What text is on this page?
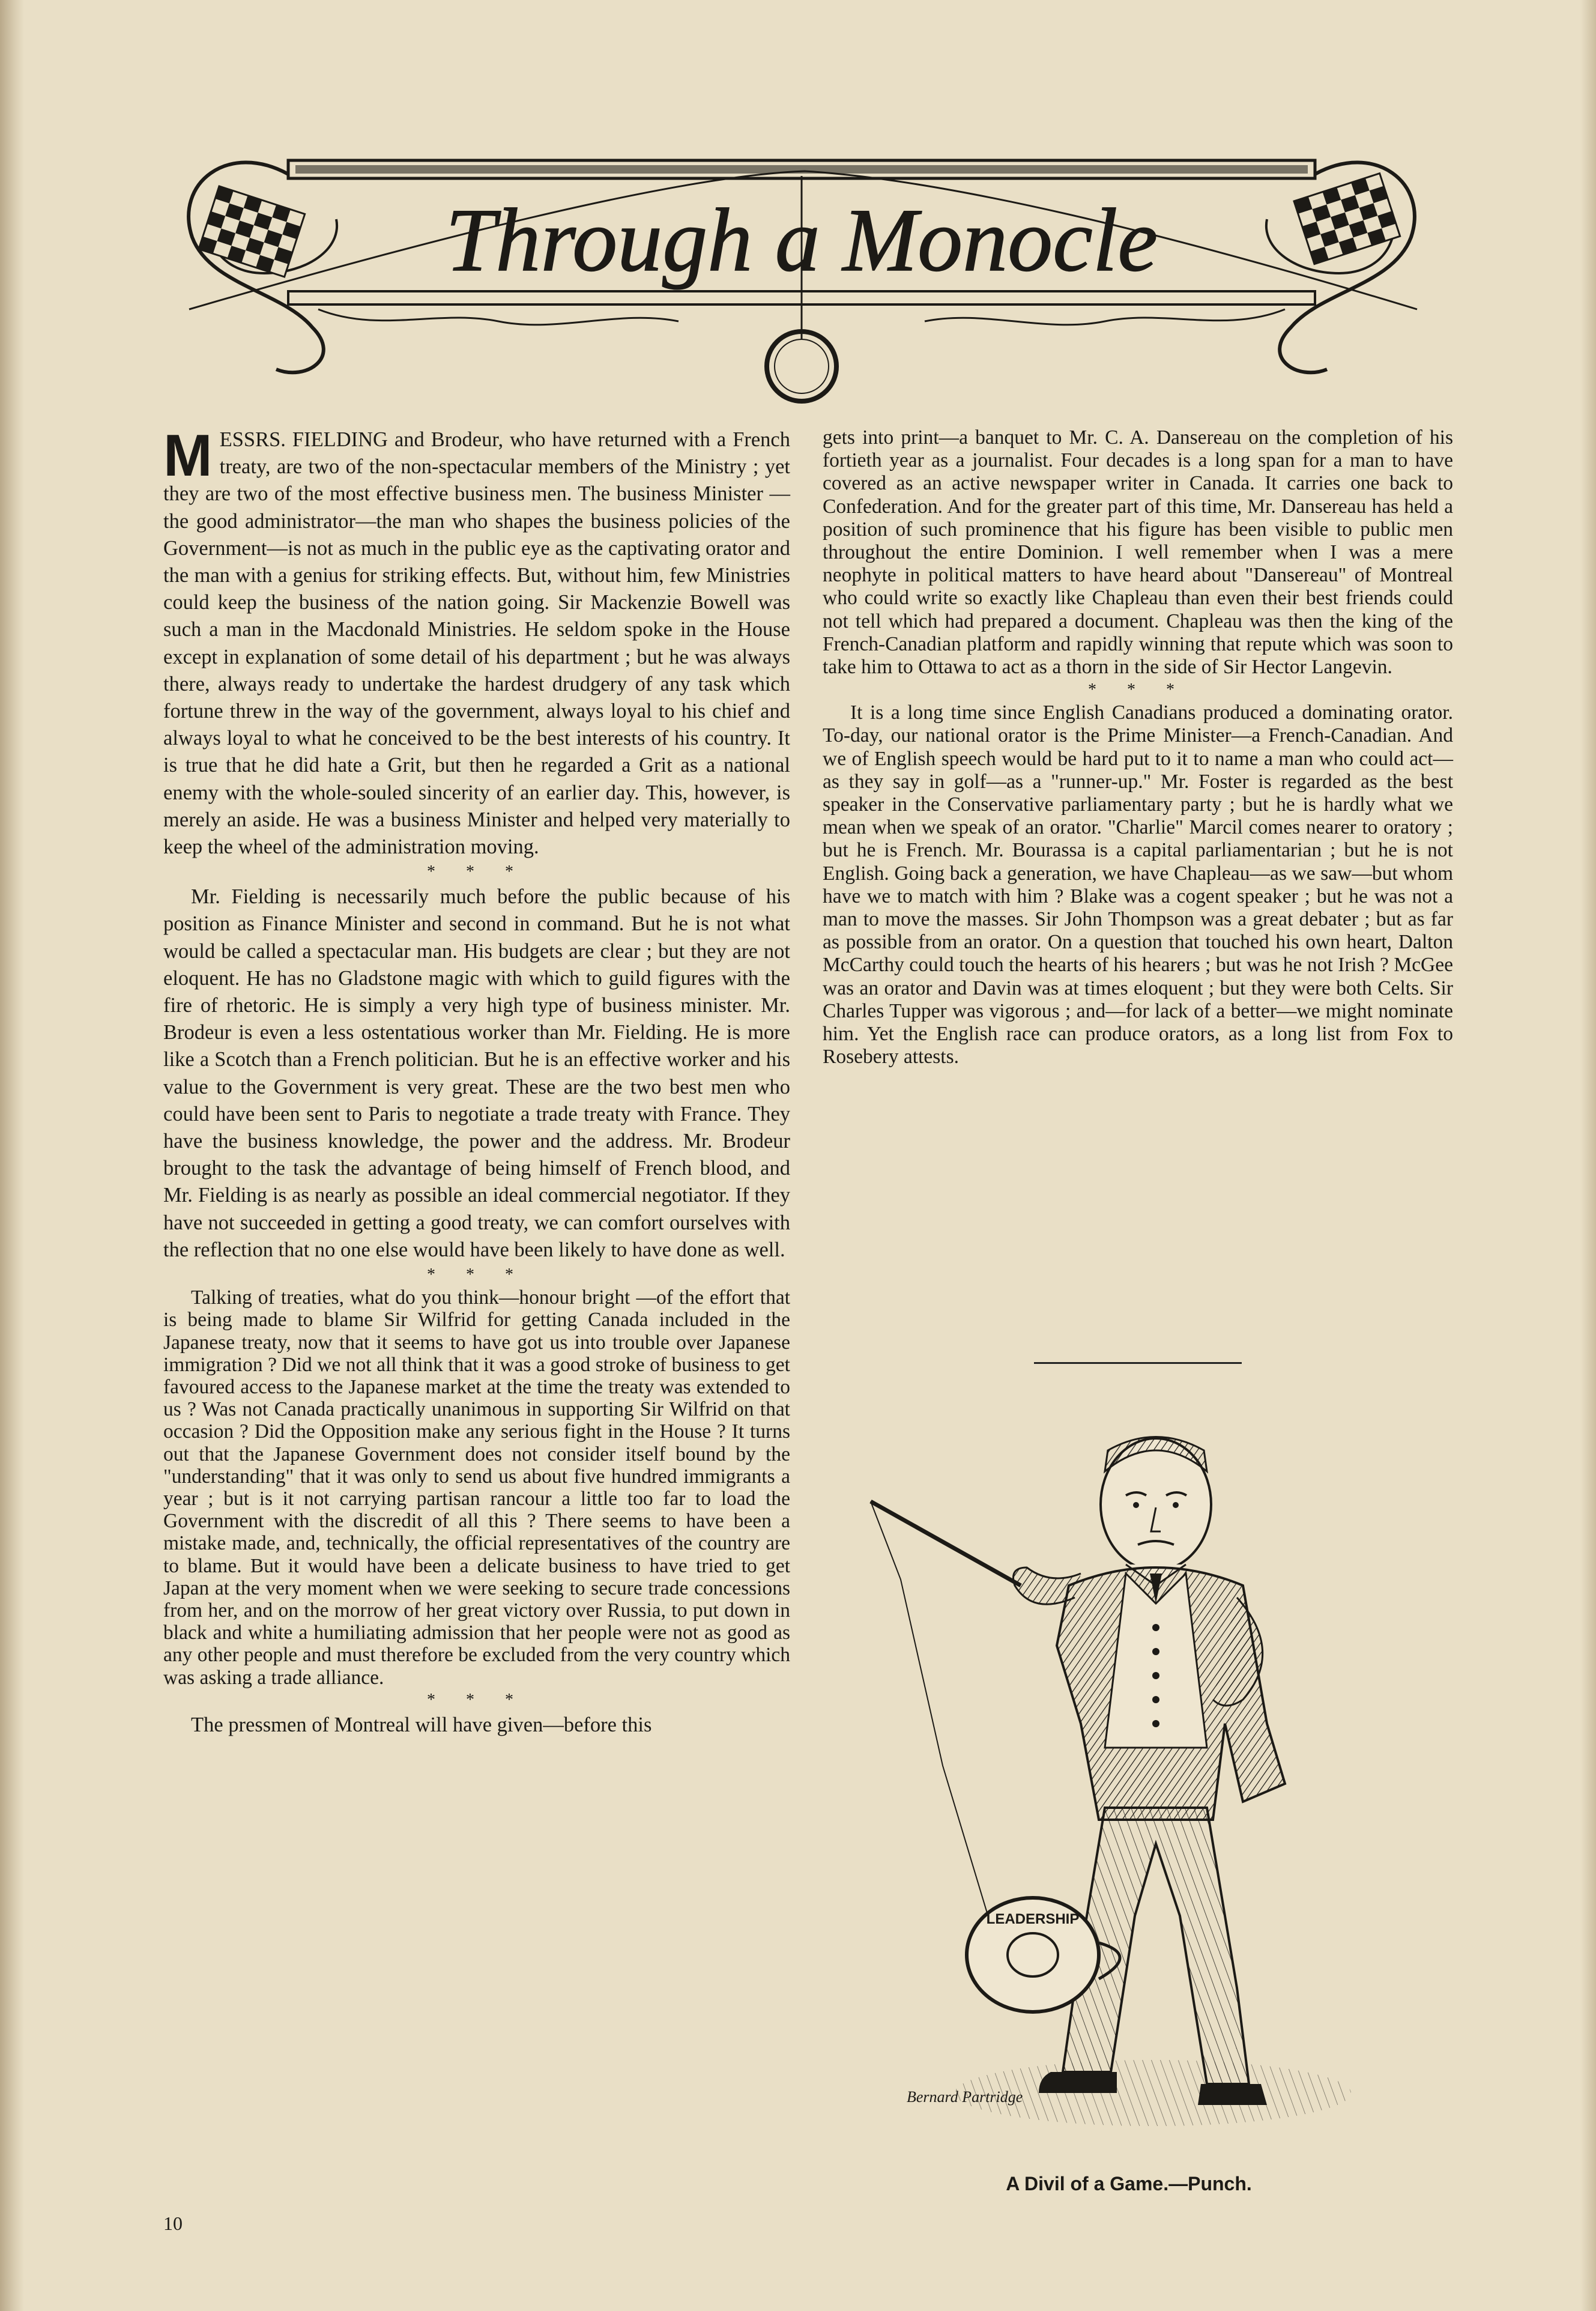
Through a Monocle

MESSRS. FIELDING and Brodeur, who have returned with a French treaty, are two of the non-spectacular members of the Ministry ; yet they are two of the most effective business men. The business Minister —the good administrator—the man who shapes the business policies of the Government—is not as much in the public eye as the captivating orator and the man with a genius for striking effects. But, without him, few Ministries could keep the business of the nation going. Sir Mackenzie Bowell was such a man in the Macdonald Ministries. He seldom spoke in the House except in explanation of some detail of his department ; but he was always there, always ready to undertake the hardest drudgery of any task which fortune threw in the way of the government, always loyal to his chief and always loyal to what he conceived to be the best interests of his country. It is true that he did hate a Grit, but then he regarded a Grit as a national enemy with the whole-souled sincerity of an earlier day. This, however, is merely an aside. He was a business Minister and helped very materially to keep the wheel of the administration moving.

* * *

Mr. Fielding is necessarily much before the public because of his position as Finance Minister and second in command. But he is not what would be called a spectacular man. His budgets are clear ; but they are not eloquent. He has no Gladstone magic with which to guild figures with the fire of rhetoric. He is simply a very high type of business minister. Mr. Brodeur is even a less ostentatious worker than Mr. Fielding. He is more like a Scotch than a French politician. But he is an effective worker and his value to the Government is very great. These are the two best men who could have been sent to Paris to negotiate a trade treaty with France. They have the business knowledge, the power and the address. Mr. Brodeur brought to the task the advantage of being himself of French blood, and Mr. Fielding is as nearly as possible an ideal commercial negotiator. If they have not succeeded in getting a good treaty, we can comfort ourselves with the reflection that no one else would have been likely to have done as well.

* * *

Talking of treaties, what do you think—honour bright —of the effort that is being made to blame Sir Wilfrid for getting Canada included in the Japanese treaty, now that it seems to have got us into trouble over Japanese immigration ? Did we not all think that it was a good stroke of business to get favoured access to the Japanese market at the time the treaty was extended to us ? Was not Canada practically unanimous in supporting Sir Wilfrid on that occasion ? Did the Opposition make any serious fight in the House ? It turns out that the Japanese Government does not consider itself bound by the "understanding" that it was only to send us about five hundred immigrants a year ; but is it not carrying partisan rancour a little too far to load the Government with the discredit of all this ? There seems to have been a mistake made, and, technically, the official representatives of the country are to blame. But it would have been a delicate business to have tried to get Japan at the very moment when we were seeking to secure trade concessions from her, and on the morrow of her great victory over Russia, to put down in black and white a humiliating admission that her people were not as good as any other people and must therefore be excluded from the very country which was asking a trade alliance.

* * *

The pressmen of Montreal will have given—before this

gets into print—a banquet to Mr. C. A. Dansereau on the completion of his fortieth year as a journalist. Four decades is a long span for a man to have covered as an active newspaper writer in Canada. It carries one back to Confederation. And for the greater part of this time, Mr. Dansereau has held a position of such prominence that his figure has been visible to public men throughout the entire Dominion. I well remember when I was a mere neophyte in political matters to have heard about "Dansereau" of Montreal who could write so exactly like Chapleau than even their best friends could not tell which had prepared a document. Chapleau was then the king of the French-Canadian platform and rapidly winning that repute which was soon to take him to Ottawa to act as a thorn in the side of Sir Hector Langevin.

* * *

It is a long time since English Canadians produced a dominating orator. To-day, our national orator is the Prime Minister—a French-Canadian. And we of English speech would be hard put to it to name a man who could act—as they say in golf—as a "runner-up." Mr. Foster is regarded as the best speaker in the Conservative parliamentary party ; but he is hardly what we mean when we speak of an orator. "Charlie" Marcil comes nearer to oratory ; but he is French. Mr. Bourassa is a capital parliamentarian ; but he is not English. Going back a generation, we have Chapleau—as we saw—but whom have we to match with him ? Blake was a cogent speaker ; but he was not a man to move the masses. Sir John Thompson was a great debater ; but as far as possible from an orator. On a question that touched his own heart, Dalton McCarthy could touch the hearts of his hearers ; but was he not Irish ? McGee was an orator and Davin was at times eloquent ; but they were both Celts. Sir Charles Tupper was vigorous ; and—for lack of a better—we might nominate him. Yet the English race can produce orators, as a long list from Fox to Rosebery attests.

LEADERSHIP
Bernard Partridge
A Divil of a Game.—Punch.
10
